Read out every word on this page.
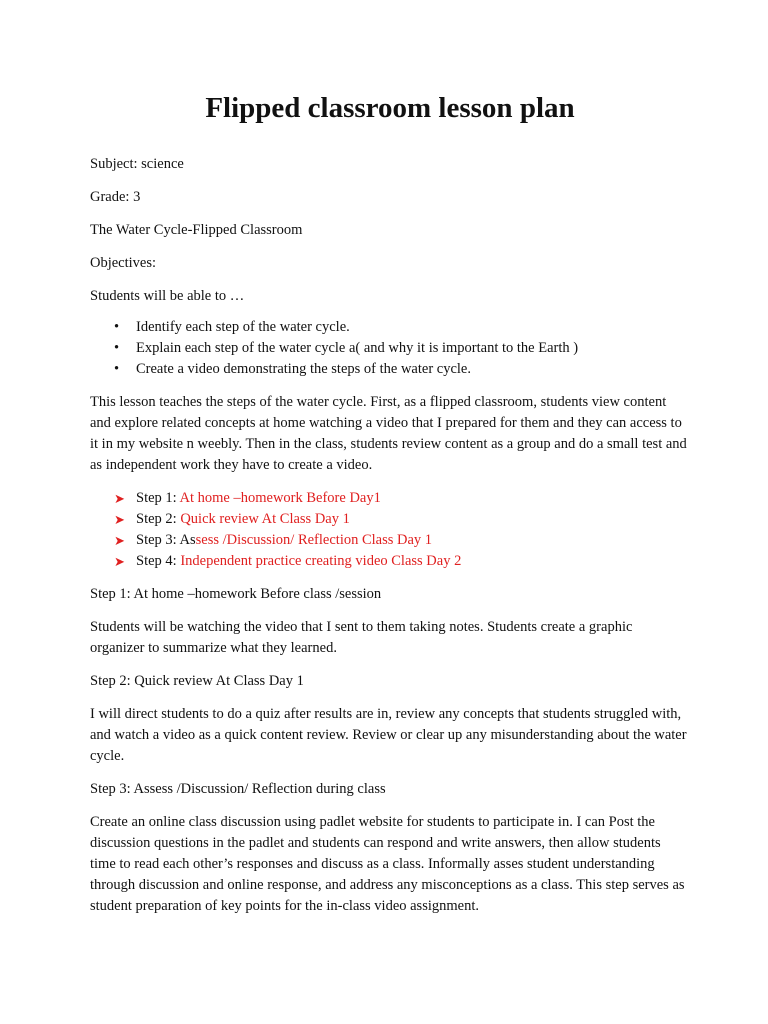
Flipped classroom lesson plan

Subject: science

Grade: 3

The Water Cycle-Flipped Classroom

Objectives:

Students will be able to …

• Identify each step of the water cycle.
• Explain each step of the water cycle a( and why it is important to the Earth )
• Create a video demonstrating the steps of the water cycle.

This lesson teaches the steps of the water cycle. First, as a flipped classroom, students view content and explore related concepts at home watching a video that I prepared for them and they can access to it in my website n weebly. Then in the class, students review content as a group and do a small test and as independent work they have to create a video.

➤ Step 1: At home –homework Before Day1
➤ Step 2: Quick review At Class Day 1
➤ Step 3: Assess /Discussion/ Reflection Class Day 1
➤ Step 4: Independent practice creating video Class Day 2

Step 1: At home –homework Before class /session

Students will be watching the video that I sent to them taking notes. Students create a graphic organizer to summarize what they learned.

Step 2: Quick review At Class Day 1

I will direct students to do a quiz after results are in, review any concepts that students struggled with, and watch a video as a quick content review. Review or clear up any misunderstanding about the water cycle.

Step 3: Assess /Discussion/ Reflection during class

Create an online class discussion using padlet website for students to participate in. I can Post the discussion questions in the padlet and students can respond and write answers, then allow students time to read each other’s responses and discuss as a class. Informally asses student understanding through discussion and online response, and address any misconceptions as a class. This step serves as student preparation of key points for the in-class video assignment.
